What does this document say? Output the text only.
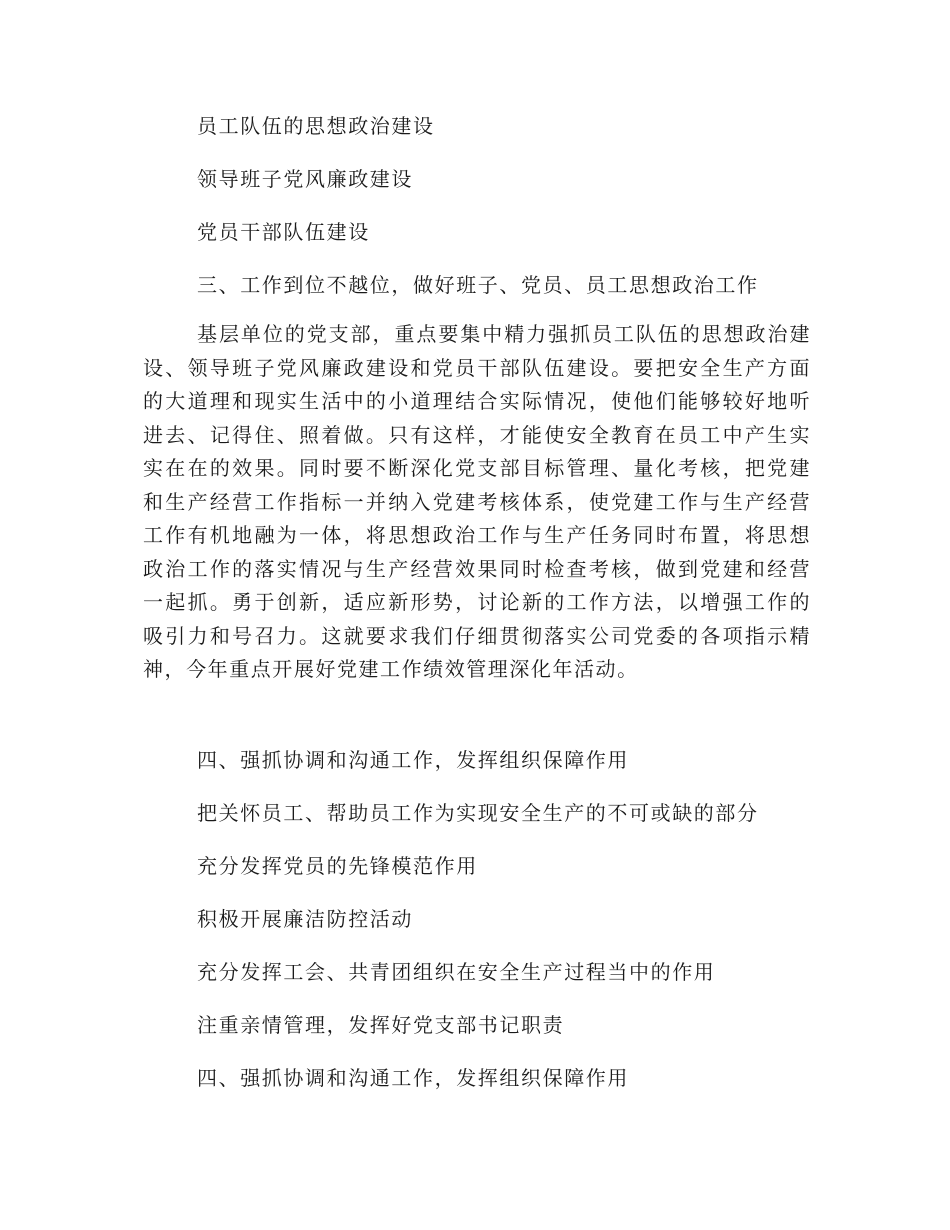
员工队伍的思想政治建设
领导班子党风廉政建设
党员干部队伍建设
三、工作到位不越位，做好班子、党员、员工思想政治工作
基层单位的党支部，重点要集中精力强抓员工队伍的思想政治建设、领导班子党风廉政建设和党员干部队伍建设。要把安全生产方面的大道理和现实生活中的小道理结合实际情况，使他们能够较好地听进去、记得住、照着做。只有这样，才能使安全教育在员工中产生实实在在的效果。同时要不断深化党支部目标管理、量化考核，把党建和生产经营工作指标一并纳入党建考核体系，使党建工作与生产经营工作有机地融为一体，将思想政治工作与生产任务同时布置，将思想政治工作的落实情况与生产经营效果同时检查考核，做到党建和经营一起抓。勇于创新，适应新形势，讨论新的工作方法，以增强工作的吸引力和号召力。这就要求我们仔细贯彻落实公司党委的各项指示精神，今年重点开展好党建工作绩效管理深化年活动。
四、强抓协调和沟通工作，发挥组织保障作用
把关怀员工、帮助员工作为实现安全生产的不可或缺的部分
充分发挥党员的先锋模范作用
积极开展廉洁防控活动
充分发挥工会、共青团组织在安全生产过程当中的作用
注重亲情管理，发挥好党支部书记职责
四、强抓协调和沟通工作，发挥组织保障作用
